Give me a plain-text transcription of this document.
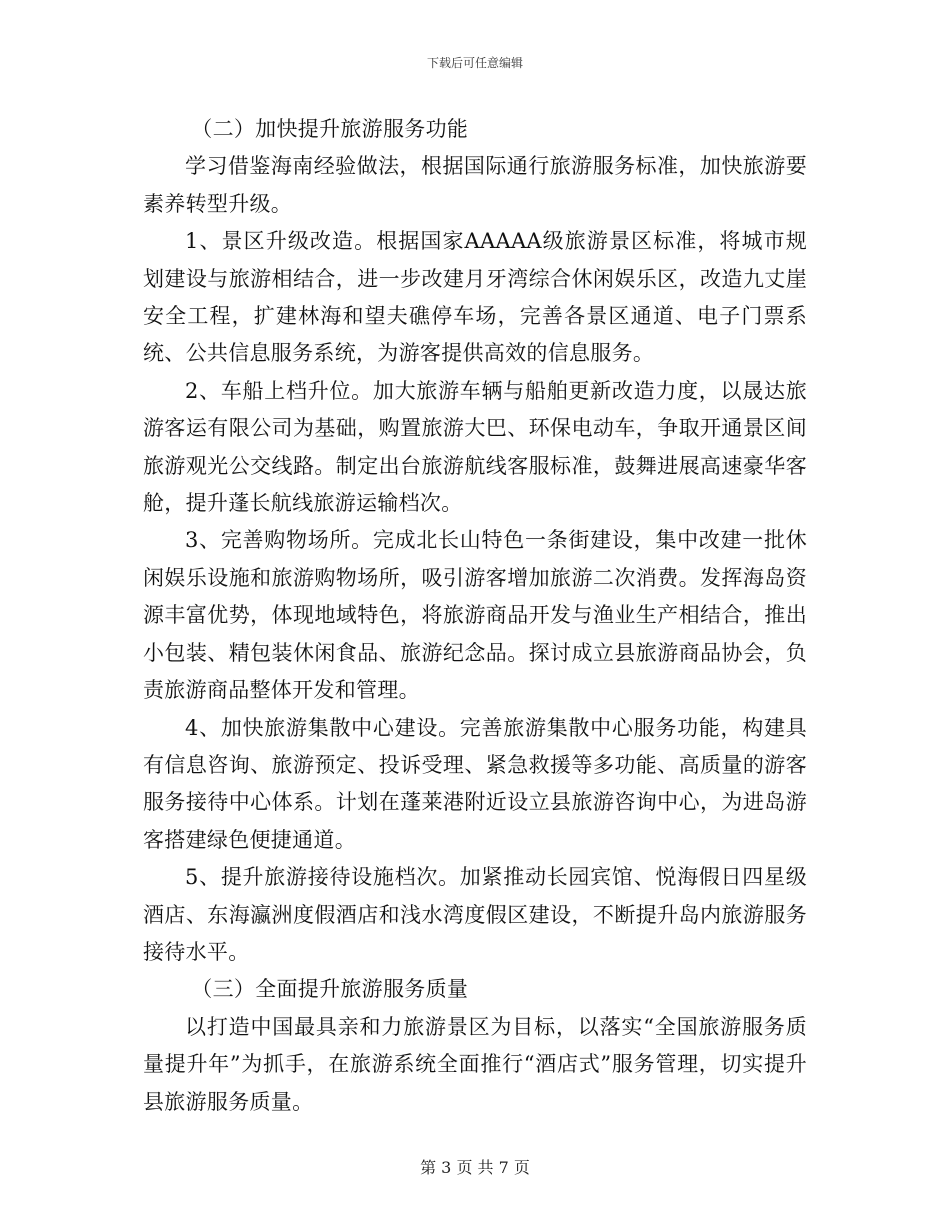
下载后可任意编辑

（二）加快提升旅游服务功能

学习借鉴海南经验做法，根据国际通行旅游服务标准，加快旅游要素养转型升级。

1、景区升级改造。根据国家AAAAA级旅游景区标准，将城市规划建设与旅游相结合，进一步改建月牙湾综合休闲娱乐区，改造九丈崖安全工程，扩建林海和望夫礁停车场，完善各景区通道、电子门票系统、公共信息服务系统，为游客提供高效的信息服务。

2、车船上档升位。加大旅游车辆与船舶更新改造力度，以晟达旅游客运有限公司为基础，购置旅游大巴、环保电动车，争取开通景区间旅游观光公交线路。制定出台旅游航线客服标准，鼓舞进展高速豪华客舱，提升蓬长航线旅游运输档次。

3、完善购物场所。完成北长山特色一条街建设，集中改建一批休闲娱乐设施和旅游购物场所，吸引游客增加旅游二次消费。发挥海岛资源丰富优势，体现地域特色，将旅游商品开发与渔业生产相结合，推出小包装、精包装休闲食品、旅游纪念品。探讨成立县旅游商品协会，负责旅游商品整体开发和管理。

4、加快旅游集散中心建设。完善旅游集散中心服务功能，构建具有信息咨询、旅游预定、投诉受理、紧急救援等多功能、高质量的游客服务接待中心体系。计划在蓬莱港附近设立县旅游咨询中心，为进岛游客搭建绿色便捷通道。

5、提升旅游接待设施档次。加紧推动长园宾馆、悦海假日四星级酒店、东海瀛洲度假酒店和浅水湾度假区建设，不断提升岛内旅游服务接待水平。

（三）全面提升旅游服务质量

以打造中国最具亲和力旅游景区为目标，以落实“全国旅游服务质量提升年”为抓手，在旅游系统全面推行“酒店式”服务管理，切实提升县旅游服务质量。

第 3 页 共 7 页
